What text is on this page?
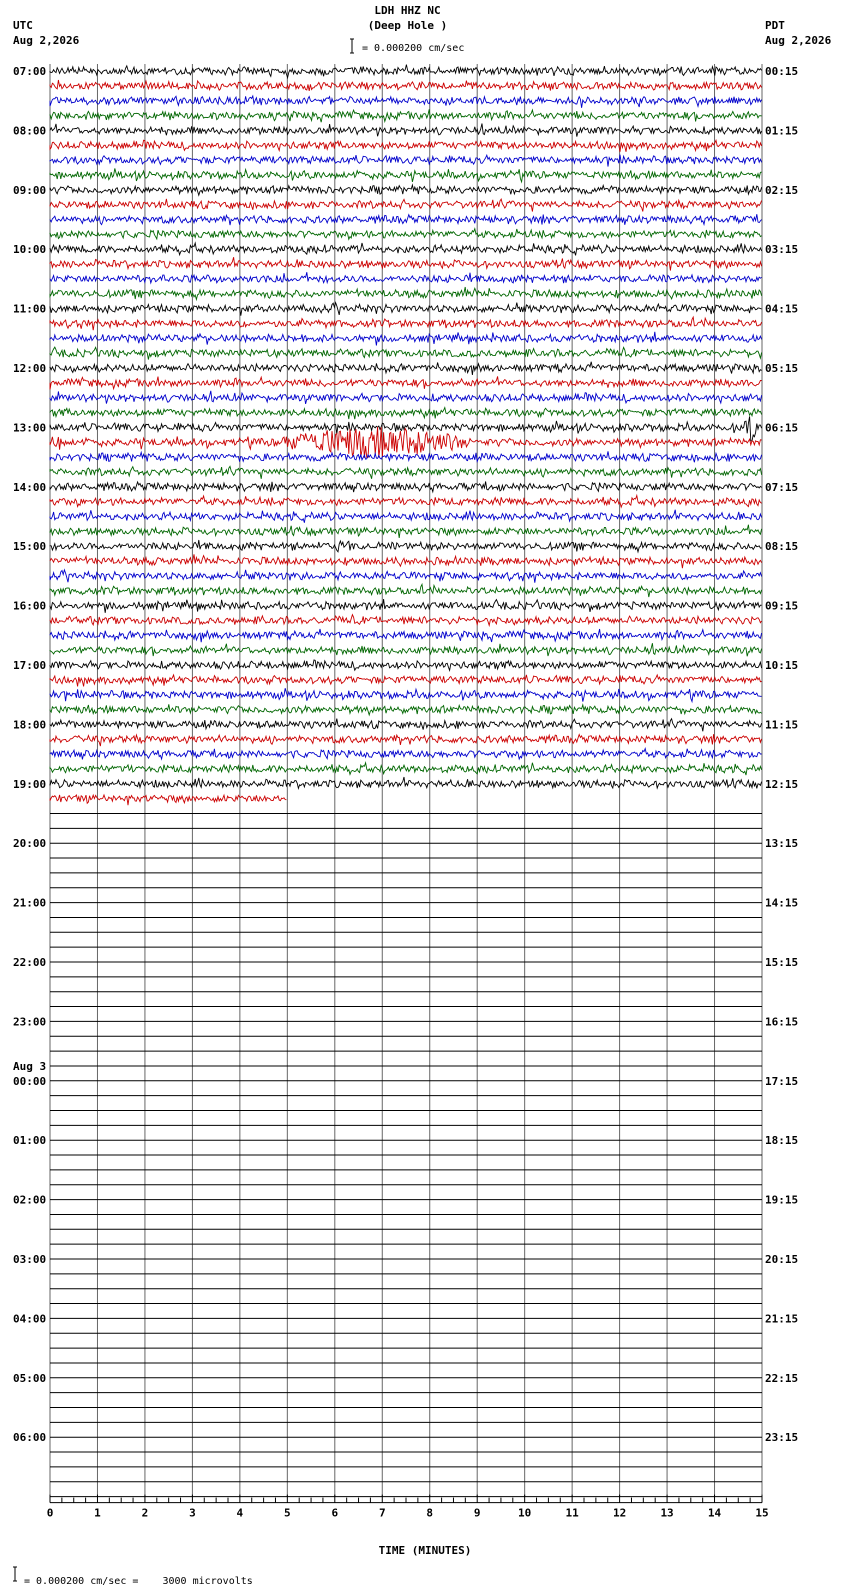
LDH HHZ NC
(Deep Hole )
= 0.000200 cm/sec
UTC
Aug 2,2026
PDT
Aug 2,2026
0	1	2	3	4	5	6	7	8	9	10	11	12	13	14	15
07:00
08:00
09:00
10:00
11:00
12:00
13:00
14:00
15:00
16:00
17:00
18:00
19:00
20:00
21:00
22:00
23:00
00:00
01:00
02:00
03:00
04:00
05:00
06:00
00:15
01:15
02:15
03:15
04:15
05:15
06:15
07:15
08:15
09:15
10:15
11:15
12:15
13:15
14:15
15:15
16:15
17:15
18:15
19:15
20:15
21:15
22:15
23:15
Aug 3
TIME (MINUTES)
= 0.000200 cm/sec =    3000 microvolts
